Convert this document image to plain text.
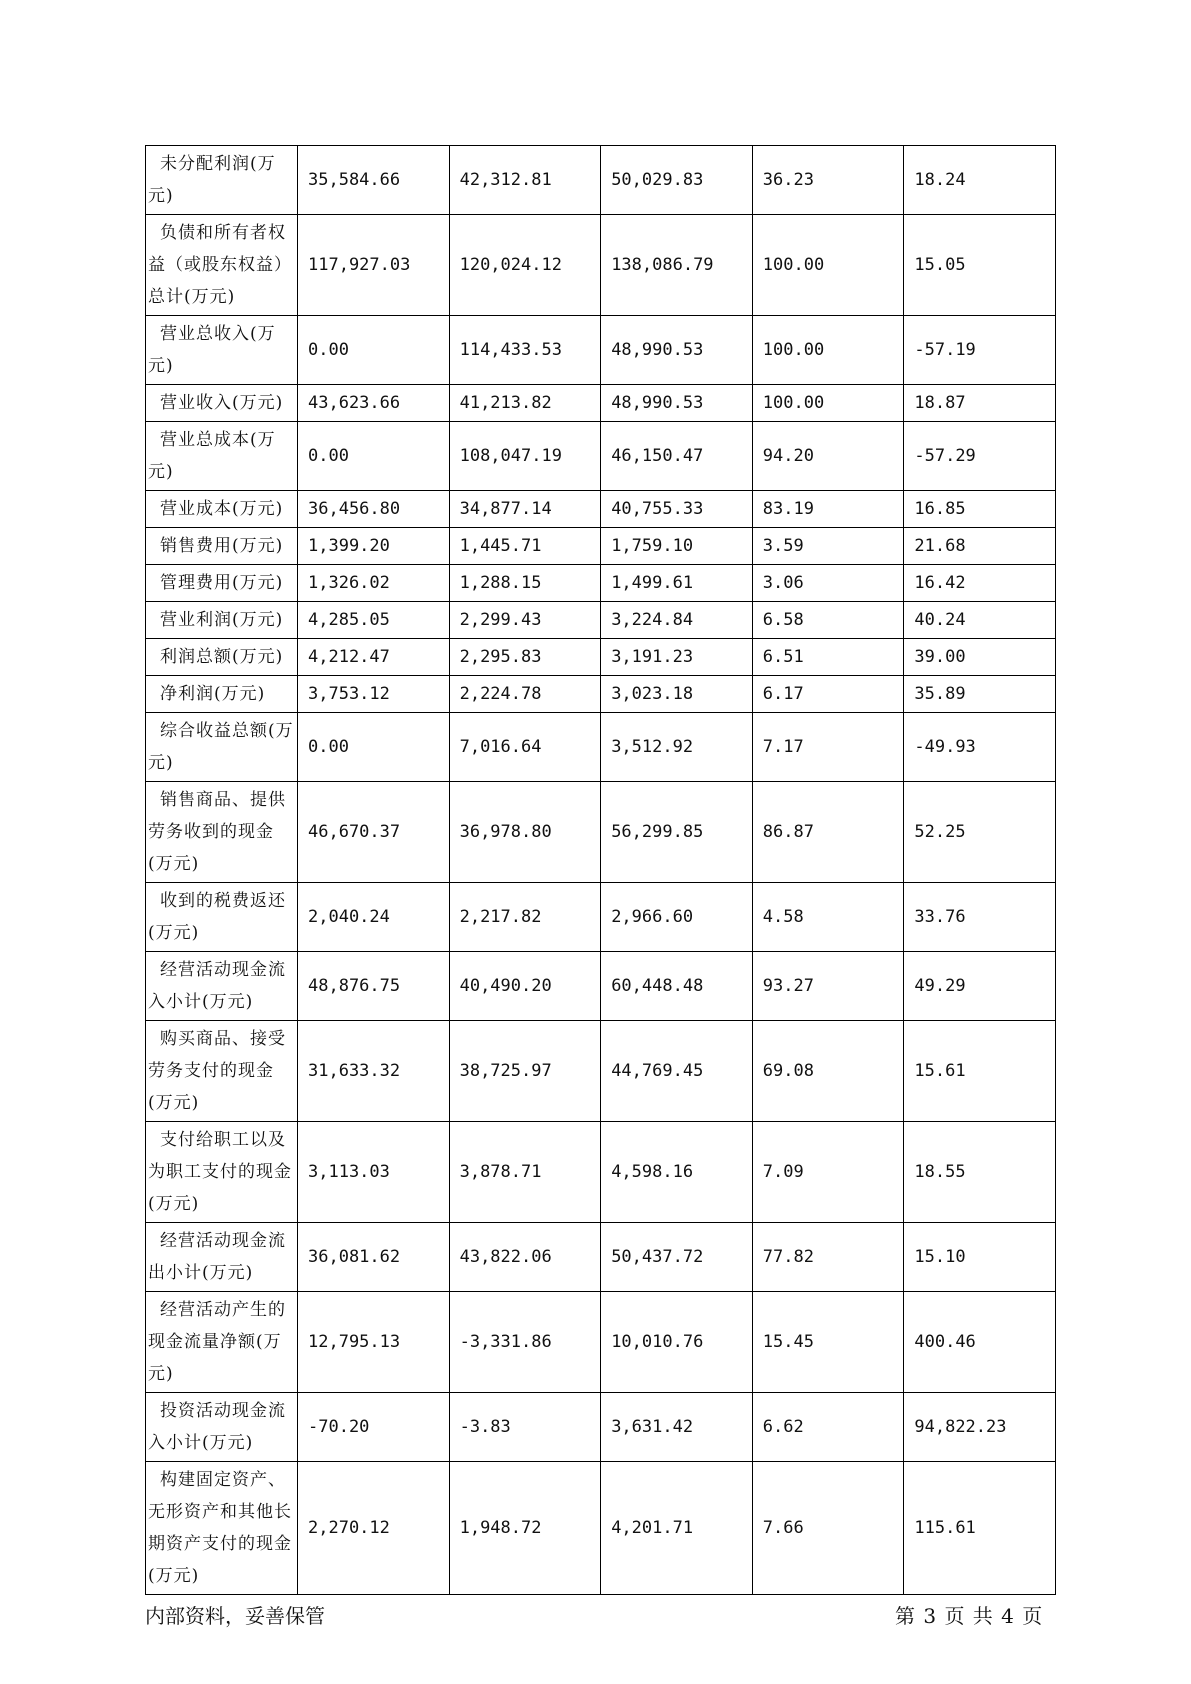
未分配利润(万元)	35,584.66	42,312.81	50,029.83	36.23	18.24
负债和所有者权益（或股东权益）总计(万元)	117,927.03	120,024.12	138,086.79	100.00	15.05
营业总收入(万元)	0.00	114,433.53	48,990.53	100.00	-57.19
营业收入(万元)	43,623.66	41,213.82	48,990.53	100.00	18.87
营业总成本(万元)	0.00	108,047.19	46,150.47	94.20	-57.29
营业成本(万元)	36,456.80	34,877.14	40,755.33	83.19	16.85
销售费用(万元)	1,399.20	1,445.71	1,759.10	3.59	21.68
管理费用(万元)	1,326.02	1,288.15	1,499.61	3.06	16.42
营业利润(万元)	4,285.05	2,299.43	3,224.84	6.58	40.24
利润总额(万元)	4,212.47	2,295.83	3,191.23	6.51	39.00
净利润(万元)	3,753.12	2,224.78	3,023.18	6.17	35.89
综合收益总额(万元)	0.00	7,016.64	3,512.92	7.17	-49.93
销售商品、提供劳务收到的现金(万元)	46,670.37	36,978.80	56,299.85	86.87	52.25
收到的税费返还(万元)	2,040.24	2,217.82	2,966.60	4.58	33.76
经营活动现金流入小计(万元)	48,876.75	40,490.20	60,448.48	93.27	49.29
购买商品、接受劳务支付的现金(万元)	31,633.32	38,725.97	44,769.45	69.08	15.61
支付给职工以及为职工支付的现金(万元)	3,113.03	3,878.71	4,598.16	7.09	18.55
经营活动现金流出小计(万元)	36,081.62	43,822.06	50,437.72	77.82	15.10
经营活动产生的现金流量净额(万元)	12,795.13	-3,331.86	10,010.76	15.45	400.46
投资活动现金流入小计(万元)	-70.20	-3.83	3,631.42	6.62	94,822.23
构建固定资产、无形资产和其他长期资产支付的现金(万元)	2,270.12	1,948.72	4,201.71	7.66	115.61
内部资料，妥善保管	第 3 页 共 4 页
